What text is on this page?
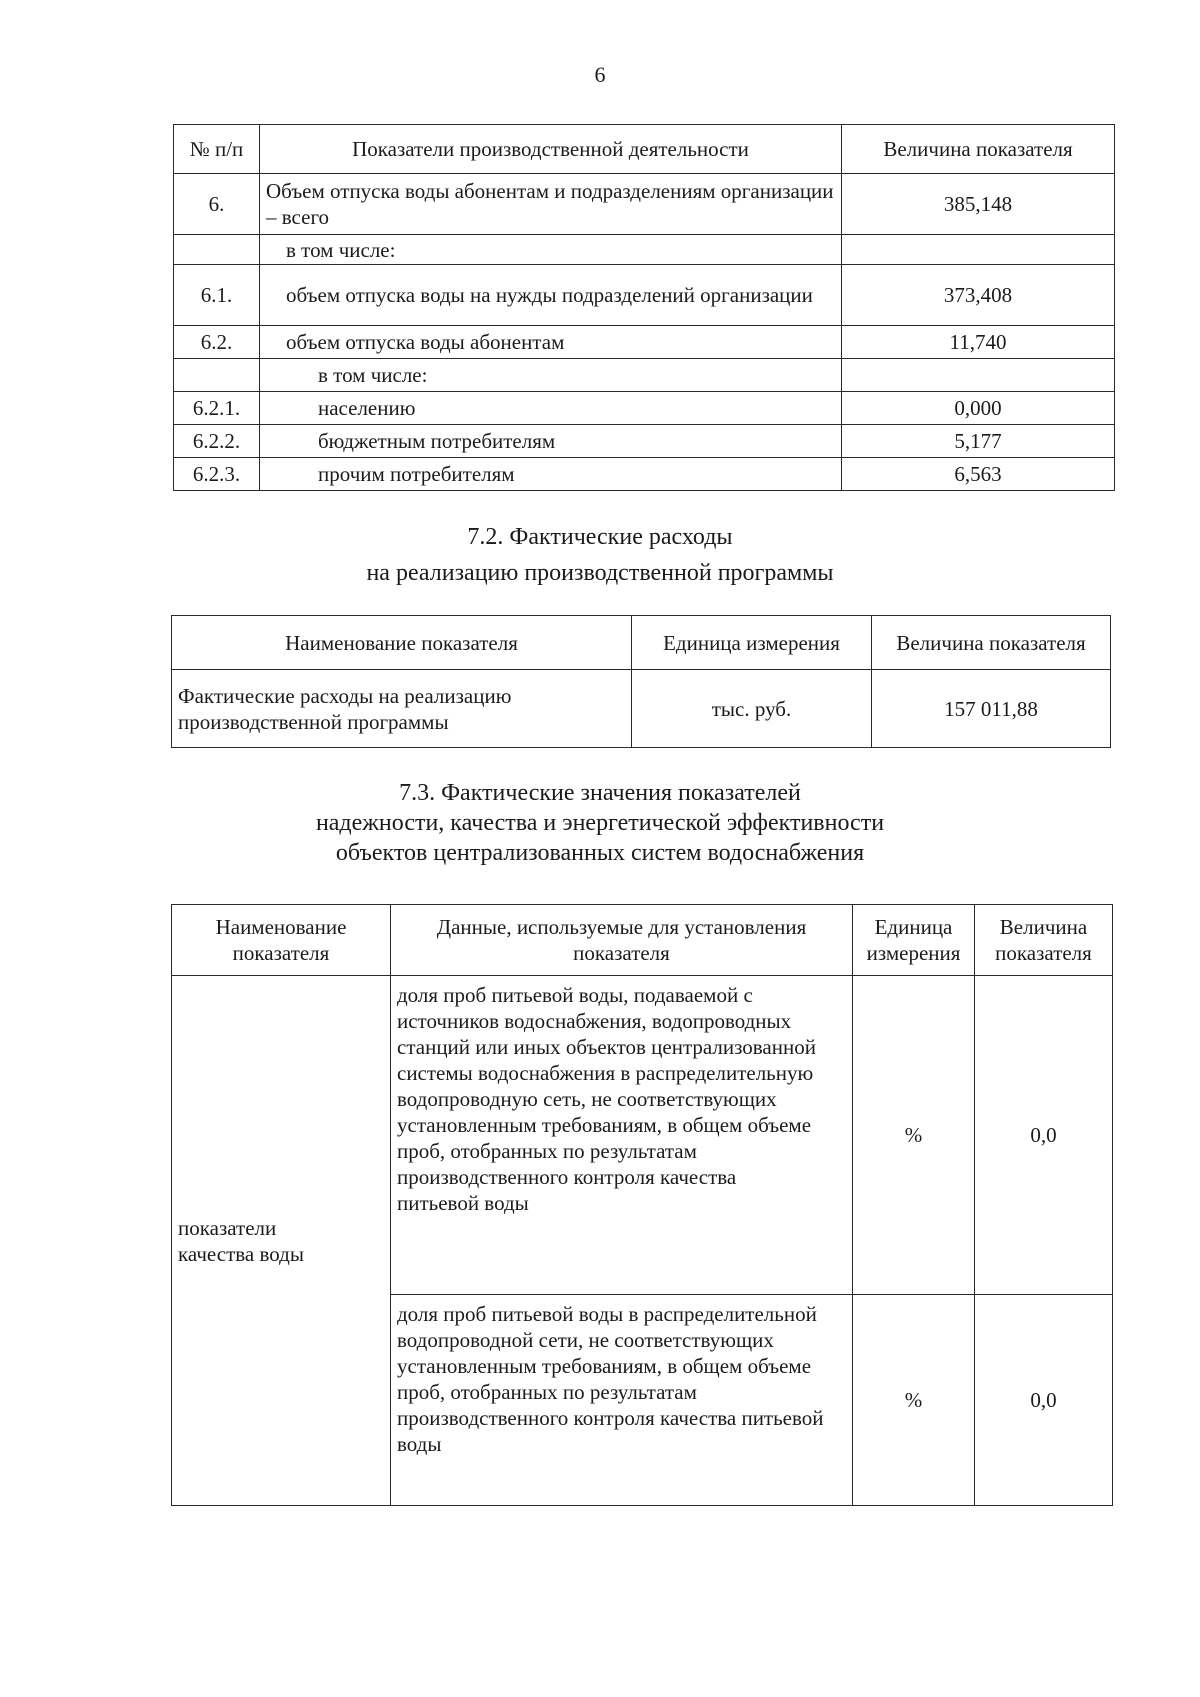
6
№ п/п	Показатели производственной деятельности	Величина показателя
6.	Объем отпуска воды абонентам и подразделениям организации – всего	385,148
	в том числе:	
6.1.	объем отпуска воды на нужды подразделений организации	373,408
6.2.	объем отпуска воды абонентам	11,740
	в том числе:	
6.2.1.	населению	0,000
6.2.2.	бюджетным потребителям	5,177
6.2.3.	прочим потребителям	6,563
7.2. Фактические расходы
на реализацию производственной программы
Наименование показателя	Единица измерения	Величина показателя
Фактические расходы на реализацию производственной программы	тыс. руб.	157 011,88
7.3. Фактические значения показателей
надежности, качества и энергетической эффективности
объектов централизованных систем водоснабжения
Наименование показателя	Данные, используемые для установления показателя	Единица измерения	Величина показателя
показатели качества воды	доля проб питьевой воды, подаваемой с источников водоснабжения, водопроводных станций или иных объектов централизованной системы водоснабжения в распределительную водопроводную сеть, не соответствующих установленным требованиям, в общем объеме проб, отобранных по результатам производственного контроля качества питьевой воды	%	0,0
	доля проб питьевой воды в распределительной водопроводной сети, не соответствующих установленным требованиям, в общем объеме проб, отобранных по результатам производственного контроля качества питьевой воды	%	0,0
